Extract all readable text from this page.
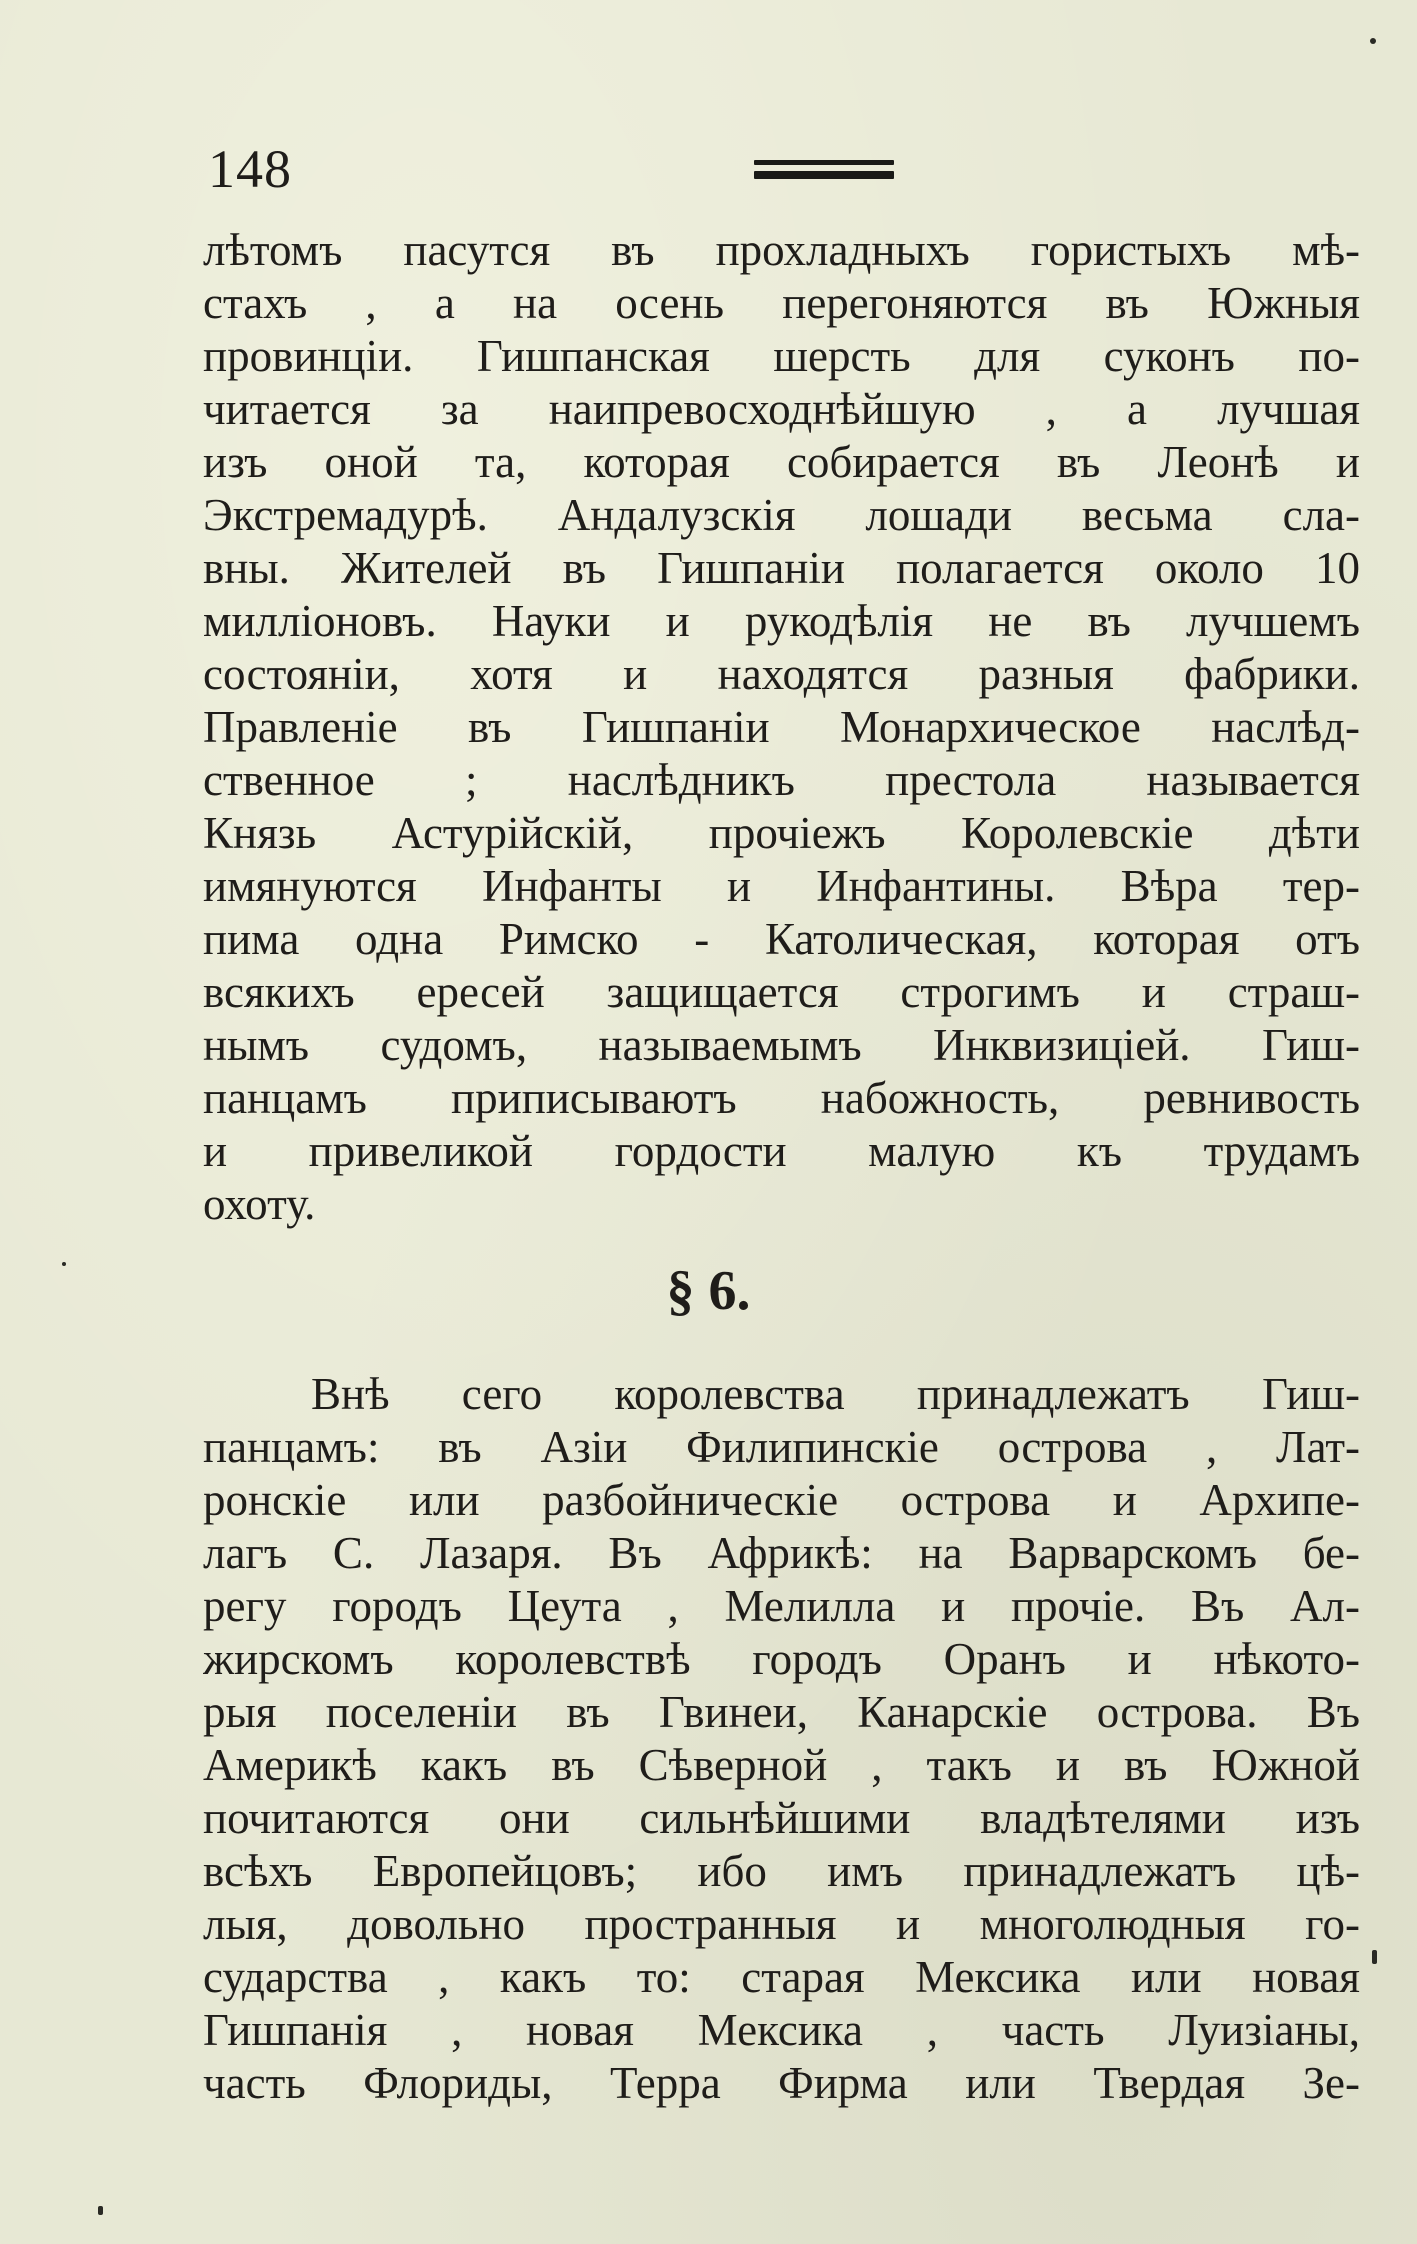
148
лѣтомъ пасутся въ прохладныхъ гористыхъ мѣ-
стахъ , а на осень перегоняются въ Южныя
провинціи. Гишпанская шерсть для суконъ по-
читается за наипревосходнѣйшую , а лучшая
изъ оной та, которая собирается въ Леонѣ и
Экстремадурѣ. Андалузскія лошади весьма сла-
вны. Жителей въ Гишпаніи полагается около 10
милліоновъ. Науки и рукодѣлія не въ лучшемъ
состояніи, хотя и находятся разныя фабрики.
Правленіе въ Гишпаніи Монархическое наслѣд-
ственное ; наслѣдникъ престола называется
Князь Астурійскій, прочіежъ Королевскіе дѣти
имянуются Инфанты и Инфантины. Вѣра тер-
пима одна Римско - Католическая, которая отъ
всякихъ ересей защищается строгимъ и страш-
нымъ судомъ, называемымъ Инквизиціей. Гиш-
панцамъ приписываютъ набожность, ревнивость
и привеликой гордости малую къ трудамъ
охоту.
§ 6.
Внѣ сего королевства принадлежатъ Гиш-
панцамъ: въ Азіи Филипинскіе острова , Лат-
ронскіе или разбойническіе острова и Архипе-
лагъ С. Лазаря. Въ Африкѣ: на Варварскомъ бе-
регу городъ Цеута , Мелилла и прочіе. Въ Ал-
жирскомъ королевствѣ городъ Оранъ и нѣкото-
рыя поселеніи въ Гвинеи, Канарскіе острова. Въ
Америкѣ какъ въ Сѣверной , такъ и въ Южной
почитаются они сильнѣйшими владѣтелями изъ
всѣхъ Европейцовъ; ибо имъ принадлежатъ цѣ-
лыя, довольно пространныя и многолюдныя го-
сударства , какъ то: старая Мексика или новая
Гишпанія , новая Мексика , часть Луизіаны,
часть Флориды, Терра Фирма или Твердая Зе-
